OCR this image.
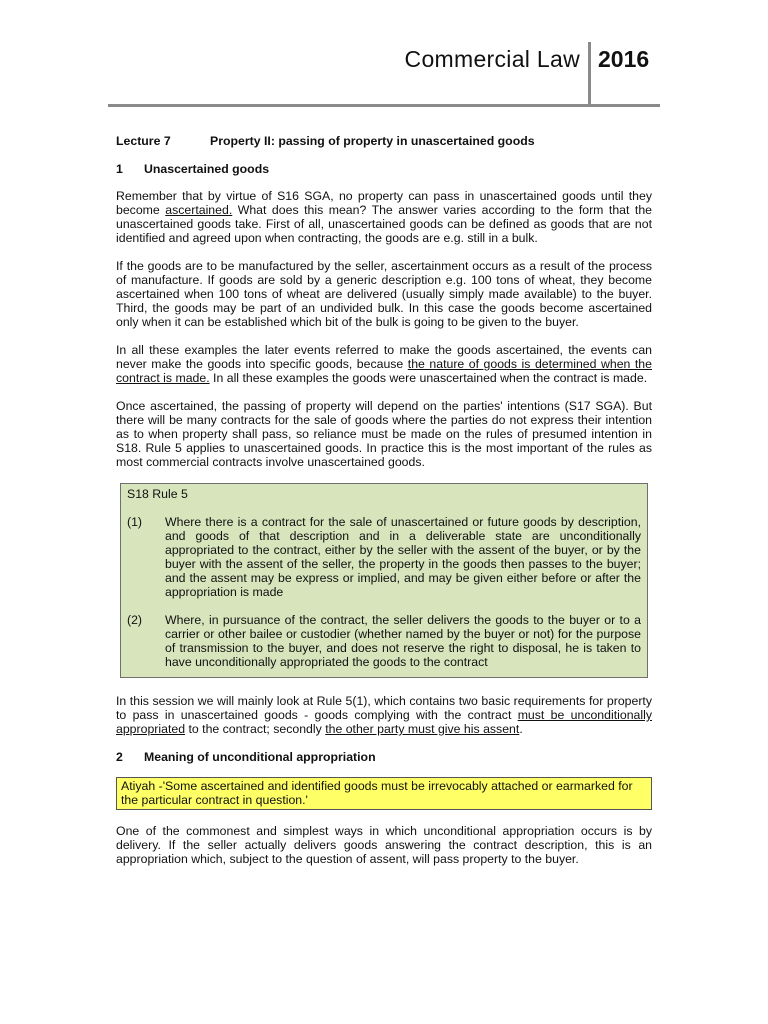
Commercial Law 2016
Lecture 7	Property II: passing of property in unascertained goods
1 Unascertained goods

Remember that by virtue of S16 SGA, no property can pass in unascertained goods until they become ascertained. What does this mean? The answer varies according to the form that the unascertained goods take. First of all, unascertained goods can be defined as goods that are not identified and agreed upon when contracting, the goods are e.g. still in a bulk.

If the goods are to be manufactured by the seller, ascertainment occurs as a result of the process of manufacture. If goods are sold by a generic description e.g. 100 tons of wheat, they become ascertained when 100 tons of wheat are delivered (usually simply made available) to the buyer. Third, the goods may be part of an undivided bulk. In this case the goods become ascertained only when it can be established which bit of the bulk is going to be given to the buyer.

In all these examples the later events referred to make the goods ascertained, the events can never make the goods into specific goods, because the nature of goods is determined when the contract is made. In all these examples the goods were unascertained when the contract is made.

Once ascertained, the passing of property will depend on the parties' intentions (S17 SGA). But there will be many contracts for the sale of goods where the parties do not express their intention as to when property shall pass, so reliance must be made on the rules of presumed intention in S18. Rule 5 applies to unascertained goods. In practice this is the most important of the rules as most commercial contracts involve unascertained goods.

S18 Rule 5
(1)	Where there is a contract for the sale of unascertained or future goods by description, and goods of that description and in a deliverable state are unconditionally appropriated to the contract, either by the seller with the assent of the buyer, or by the buyer with the assent of the seller, the property in the goods then passes to the buyer; and the assent may be express or implied, and may be given either before or after the appropriation is made
(2)	Where, in pursuance of the contract, the seller delivers the goods to the buyer or to a carrier or other bailee or custodier (whether named by the buyer or not) for the purpose of transmission to the buyer, and does not reserve the right to disposal, he is taken to have unconditionally appropriated the goods to the contract

In this session we will mainly look at Rule 5(1), which contains two basic requirements for property to pass in unascertained goods - goods complying with the contract must be unconditionally appropriated to the contract; secondly the other party must give his assent.

2 Meaning of unconditional appropriation
Atiyah -'Some ascertained and identified goods must be irrevocably attached or earmarked for the particular contract in question.'

One of the commonest and simplest ways in which unconditional appropriation occurs is by delivery. If the seller actually delivers goods answering the contract description, this is an appropriation which, subject to the question of assent, will pass property to the buyer.
